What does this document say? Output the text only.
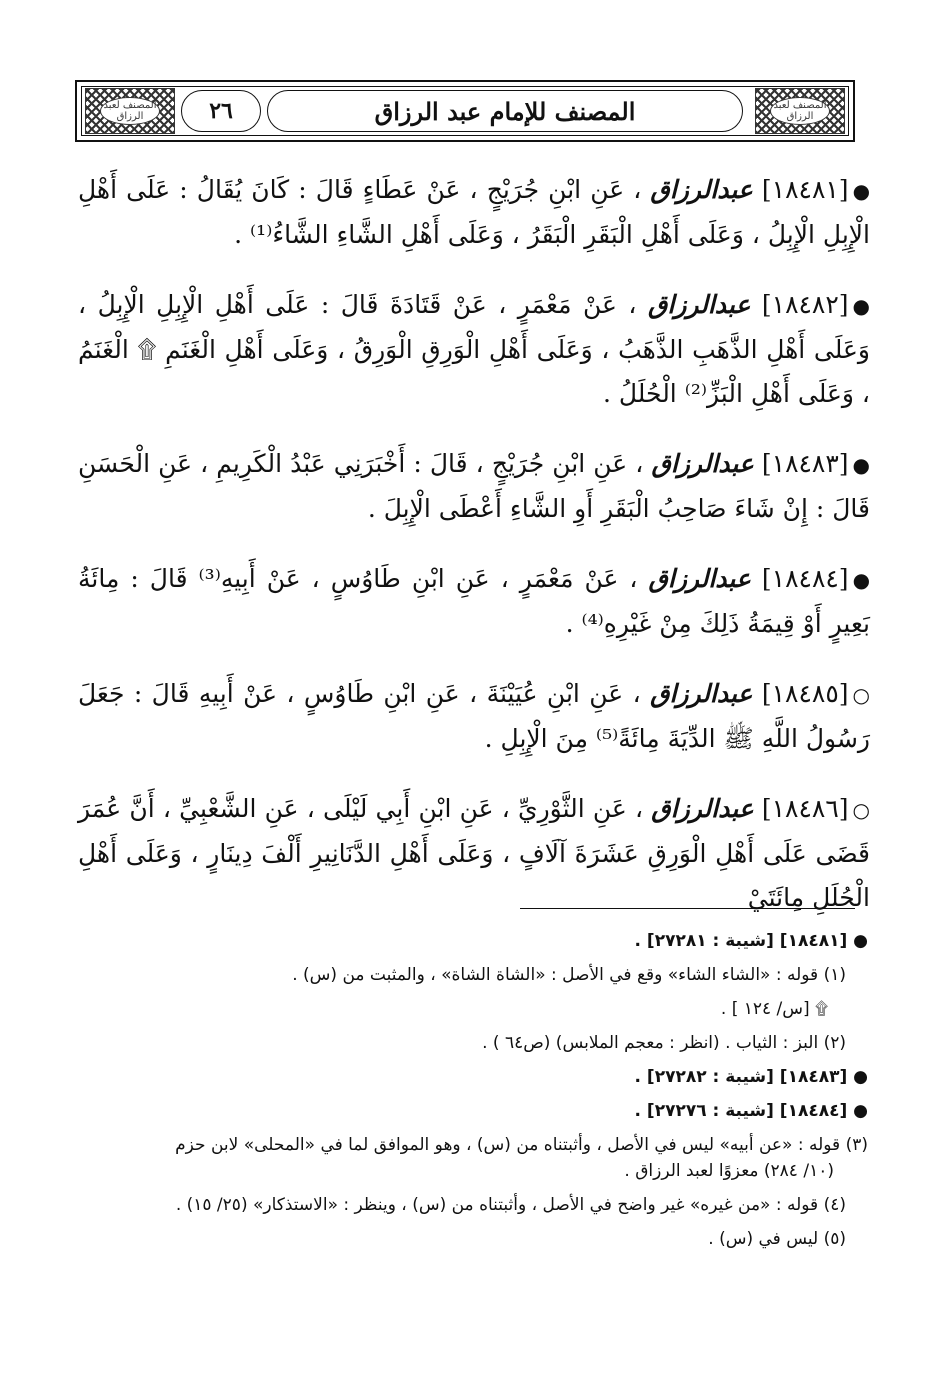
المصنف لعبد الرزاق
المصنف للإمام عبد الرزاق
٢٦
المصنف لعبد الرزاق

●[١٨٤٨١] عبدالرزاق ، عَنِ ابْنِ جُرَيْجٍ ، عَنْ عَطَاءٍ قَالَ : كَانَ يُقَالُ : عَلَى أَهْلِ الْإِبِلِ الْإِبِلُ ، وَعَلَى أَهْلِ الْبَقَرِ الْبَقَرُ ، وَعَلَى أَهْلِ الشَّاءِ الشَّاءُ⁽¹⁾ .

●[١٨٤٨٢] عبدالرزاق ، عَنْ مَعْمَرٍ ، عَنْ قَتَادَةَ قَالَ : عَلَى أَهْلِ الْإِبِلِ الْإِبِلُ ، وَعَلَى أَهْلِ الذَّهَبِ الذَّهَبُ ، وَعَلَى أَهْلِ الْوَرِقِ الْوَرِقُ ، وَعَلَى أَهْلِ الْغَنَمِ ۩ الْغَنَمُ ، وَعَلَى أَهْلِ الْبَزِّ⁽²⁾ الْحُلَلُ .

●[١٨٤٨٣] عبدالرزاق ، عَنِ ابْنِ جُرَيْجٍ ، قَالَ : أَخْبَرَنِي عَبْدُ الْكَرِيمِ ، عَنِ الْحَسَنِ قَالَ : إِنْ شَاءَ صَاحِبُ الْبَقَرِ أَوِ الشَّاءِ أَعْطَى الْإِبِلَ .

●[١٨٤٨٤] عبدالرزاق ، عَنْ مَعْمَرٍ ، عَنِ ابْنِ طَاوُسٍ ، عَنْ أَبِيهِ⁽³⁾ قَالَ : مِائَةُ بَعِيرٍ أَوْ قِيمَةُ ذَلِكَ مِنْ غَيْرِهِ⁽⁴⁾ .

○[١٨٤٨٥] عبدالرزاق ، عَنِ ابْنِ عُيَيْنَةَ ، عَنِ ابْنِ طَاوُسٍ ، عَنْ أَبِيهِ قَالَ : جَعَلَ رَسُولُ اللَّهِ ﷺ الدِّيَةَ مِائَةً⁽⁵⁾ مِنَ الْإِبِلِ .

○[١٨٤٨٦] عبدالرزاق ، عَنِ الثَّوْرِيِّ ، عَنِ ابْنِ أَبِي لَيْلَى ، عَنِ الشَّعْبِيِّ ، أَنَّ عُمَرَ قَضَى عَلَى أَهْلِ الْوَرِقِ عَشَرَةَ آلَافٍ ، وَعَلَى أَهْلِ الدَّنَانِيرِ أَلْفَ دِينَارٍ ، وَعَلَى أَهْلِ الْحُلَلِ مِائَتَيْ

● [١٨٤٨١] [شيبة : ٢٧٢٨١] .
(١) قوله : «الشاء الشاء» وقع في الأصل : «الشاة الشاة» ، والمثبت من (س) .
۩ [س/ ١٢٤ ] .
(٢) البز : الثياب . (انظر : معجم الملابس) (ص٦٤ ) .
● [١٨٤٨٣] [شيبة : ٢٧٢٨٢] .
● [١٨٤٨٤] [شيبة : ٢٧٢٧٦] .
(٣) قوله : «عن أبيه» ليس في الأصل ، وأثبتناه من (س) ، وهو الموافق لما في «المحلى» لابن حزم
(١٠/ ٢٨٤) معزوًا لعبد الرزاق .
(٤) قوله : «من غيره» غير واضح في الأصل ، وأثبتناه من (س) ، وينظر : «الاستذكار» (٢٥/ ١٥) .
(٥) ليس في (س) .
